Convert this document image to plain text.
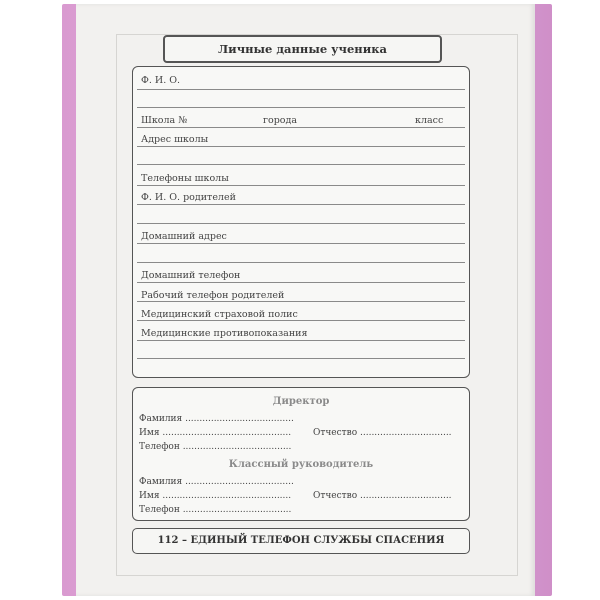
Личные данные ученика
Ф. И. О.
Школа №	города	класс
Адрес школы
Телефоны школы
Ф. И. О. родителей
Домашний адрес
Домашний телефон
Рабочий телефон родителей
Медицинский страховой полис
Медицинские противопоказания
Директор
Фамилия ......................................
Имя ............................................. Отчество ................................
Телефон ......................................
Классный руководитель
Фамилия ......................................
Имя ............................................. Отчество ................................
Телефон ......................................
112 – ЕДИНЫЙ ТЕЛЕФОН СЛУЖБЫ СПАСЕНИЯ
